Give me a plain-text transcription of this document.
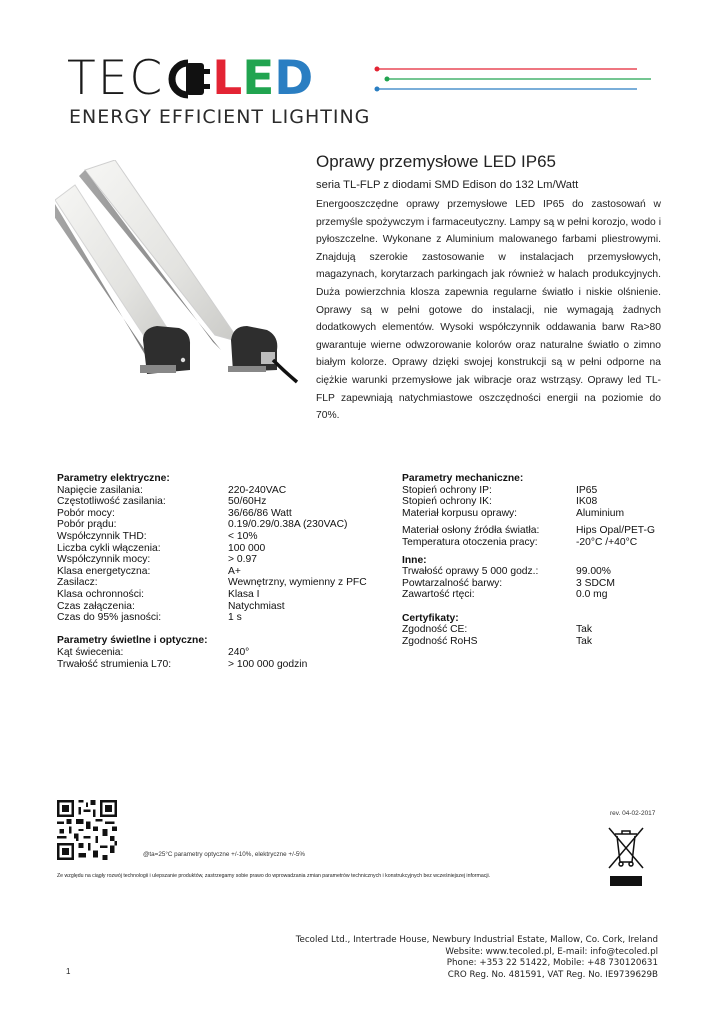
TEC L E D
ENERGY EFFICIENT LIGHTING
Oprawy przemysłowe LED IP65
seria TL-FLP z diodami SMD Edison do 132 Lm/Watt
Energooszczędne oprawy przemysłowe LED IP65 do zastosowań w przemyśle spożywczym i farmaceutyczny. Lampy są w pełni korozjo, wodo i pyłoszczelne. Wykonane z Aluminium malowanego farbami pliestrowymi. Znajdują szerokie zastosowanie w instalacjach przemysłowych, magazynach, korytarzach parkingach jak również w halach produkcyjnych. Duża powierzchnia klosza zapewnia regularne światło i niskie olśnienie. Oprawy są w pełni gotowe do instalacji, nie wymagają żadnych dodatkowych elementów. Wysoki współczynnik oddawania barw Ra>80 gwarantuje wierne odwzorowanie kolorów oraz naturalne światło o zimno białym kolorze. Oprawy dzięki swojej konstrukcji są w pełni odporne na ciężkie warunki przemysłowe jak wibracje oraz wstrząsy. Oprawy led TL-FLP zapewniają natychmiastowe oszczędności energii na poziomie do 70%.
Parametry elektryczne:
Napięcie zasilania:	220-240VAC
Częstotliwość zasilania:	50/60Hz
Pobór mocy:	36/66/86 Watt
Pobór prądu:	0.19/0.29/0.38A (230VAC)
Współczynnik THD:	< 10%
Liczba cykli włączenia:	100 000
Współczynnik mocy:	> 0.97
Klasa energetyczna:	A+
Zasilacz:	Wewnętrzny, wymienny z PFC
Klasa ochronności:	Klasa I
Czas załączenia:	Natychmiast
Czas do 95% jasności:	1 s
Parametry świetlne i optyczne:
Kąt świecenia:	240°
Trwałość strumienia L70:	> 100 000 godzin
Parametry mechaniczne:
Stopień ochrony IP:	IP65
Stopień ochrony IK:	IK08
Materiał korpusu oprawy:	Aluminium
Materiał osłony źródła światła:	Hips Opal/PET-G
Temperatura otoczenia pracy:	-20°C /+40°C
Inne:
Trwałość oprawy 5 000 godz.:	99.00%
Powtarzalność barwy:	3 SDCM
Zawartość rtęci:	0.0 mg
Certyfikaty:
Zgodność CE:	Tak
Zgodność RoHS	Tak
@ta=25°C parametry optyczne +/-10%, elektryczne +/-5%
Ze względu na ciągły rozwój technologii i ulepszanie produktów, zastrzegamy sobie prawo do wprowadzania zmian parametrów technicznych i konstrukcyjnych bez wcześniejszej informacji.
rev. 04-02-2017
Tecoled Ltd., Intertrade House, Newbury Industrial Estate, Mallow, Co. Cork, Ireland
Website: www.tecoled.pl, E-mail: info@tecoled.pl
Phone: +353 22 51422, Mobile: +48 730120631
CRO Reg. No. 481591, VAT Reg. No. IE9739629B
1
